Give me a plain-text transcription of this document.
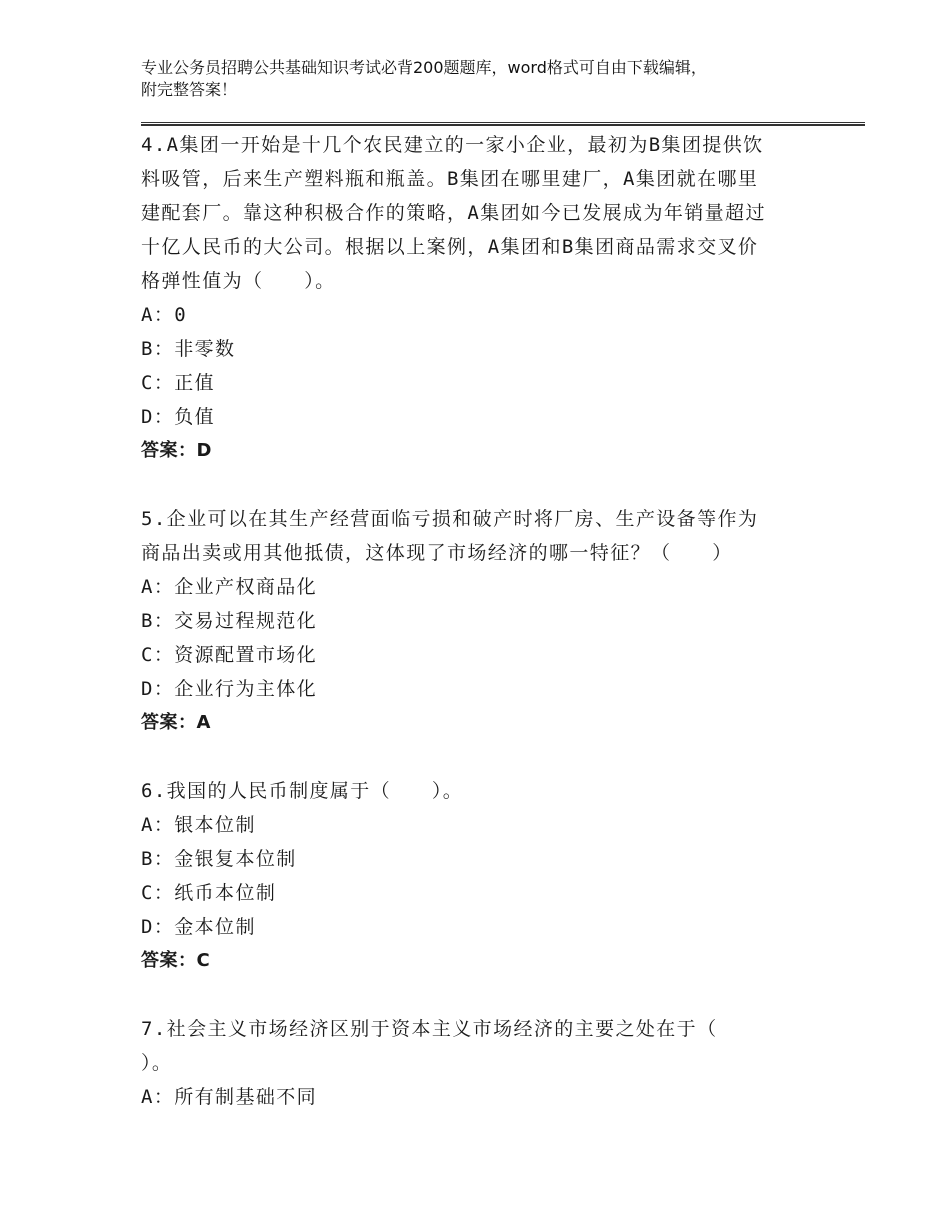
专业公务员招聘公共基础知识考试必背200题题库，word格式可自由下载编辑，
附完整答案！
4.A集团一开始是十几个农民建立的一家小企业，最初为B集团提供饮
料吸管，后来生产塑料瓶和瓶盖。B集团在哪里建厂，A集团就在哪里
建配套厂。靠这种积极合作的策略，A集团如今已发展成为年销量超过
十亿人民币的大公司。根据以上案例，A集团和B集团商品需求交叉价
格弹性值为（　　）。
A：0
B：非零数
C：正值
D：负值
答案：D
5.企业可以在其生产经营面临亏损和破产时将厂房、生产设备等作为
商品出卖或用其他抵债，这体现了市场经济的哪一特征？（　　）
A：企业产权商品化
B：交易过程规范化
C：资源配置市场化
D：企业行为主体化
答案：A
6.我国的人民币制度属于（　　）。
A：银本位制
B：金银复本位制
C：纸币本位制
D：金本位制
答案：C
7.社会主义市场经济区别于资本主义市场经济的主要之处在于（
）。
A：所有制基础不同
